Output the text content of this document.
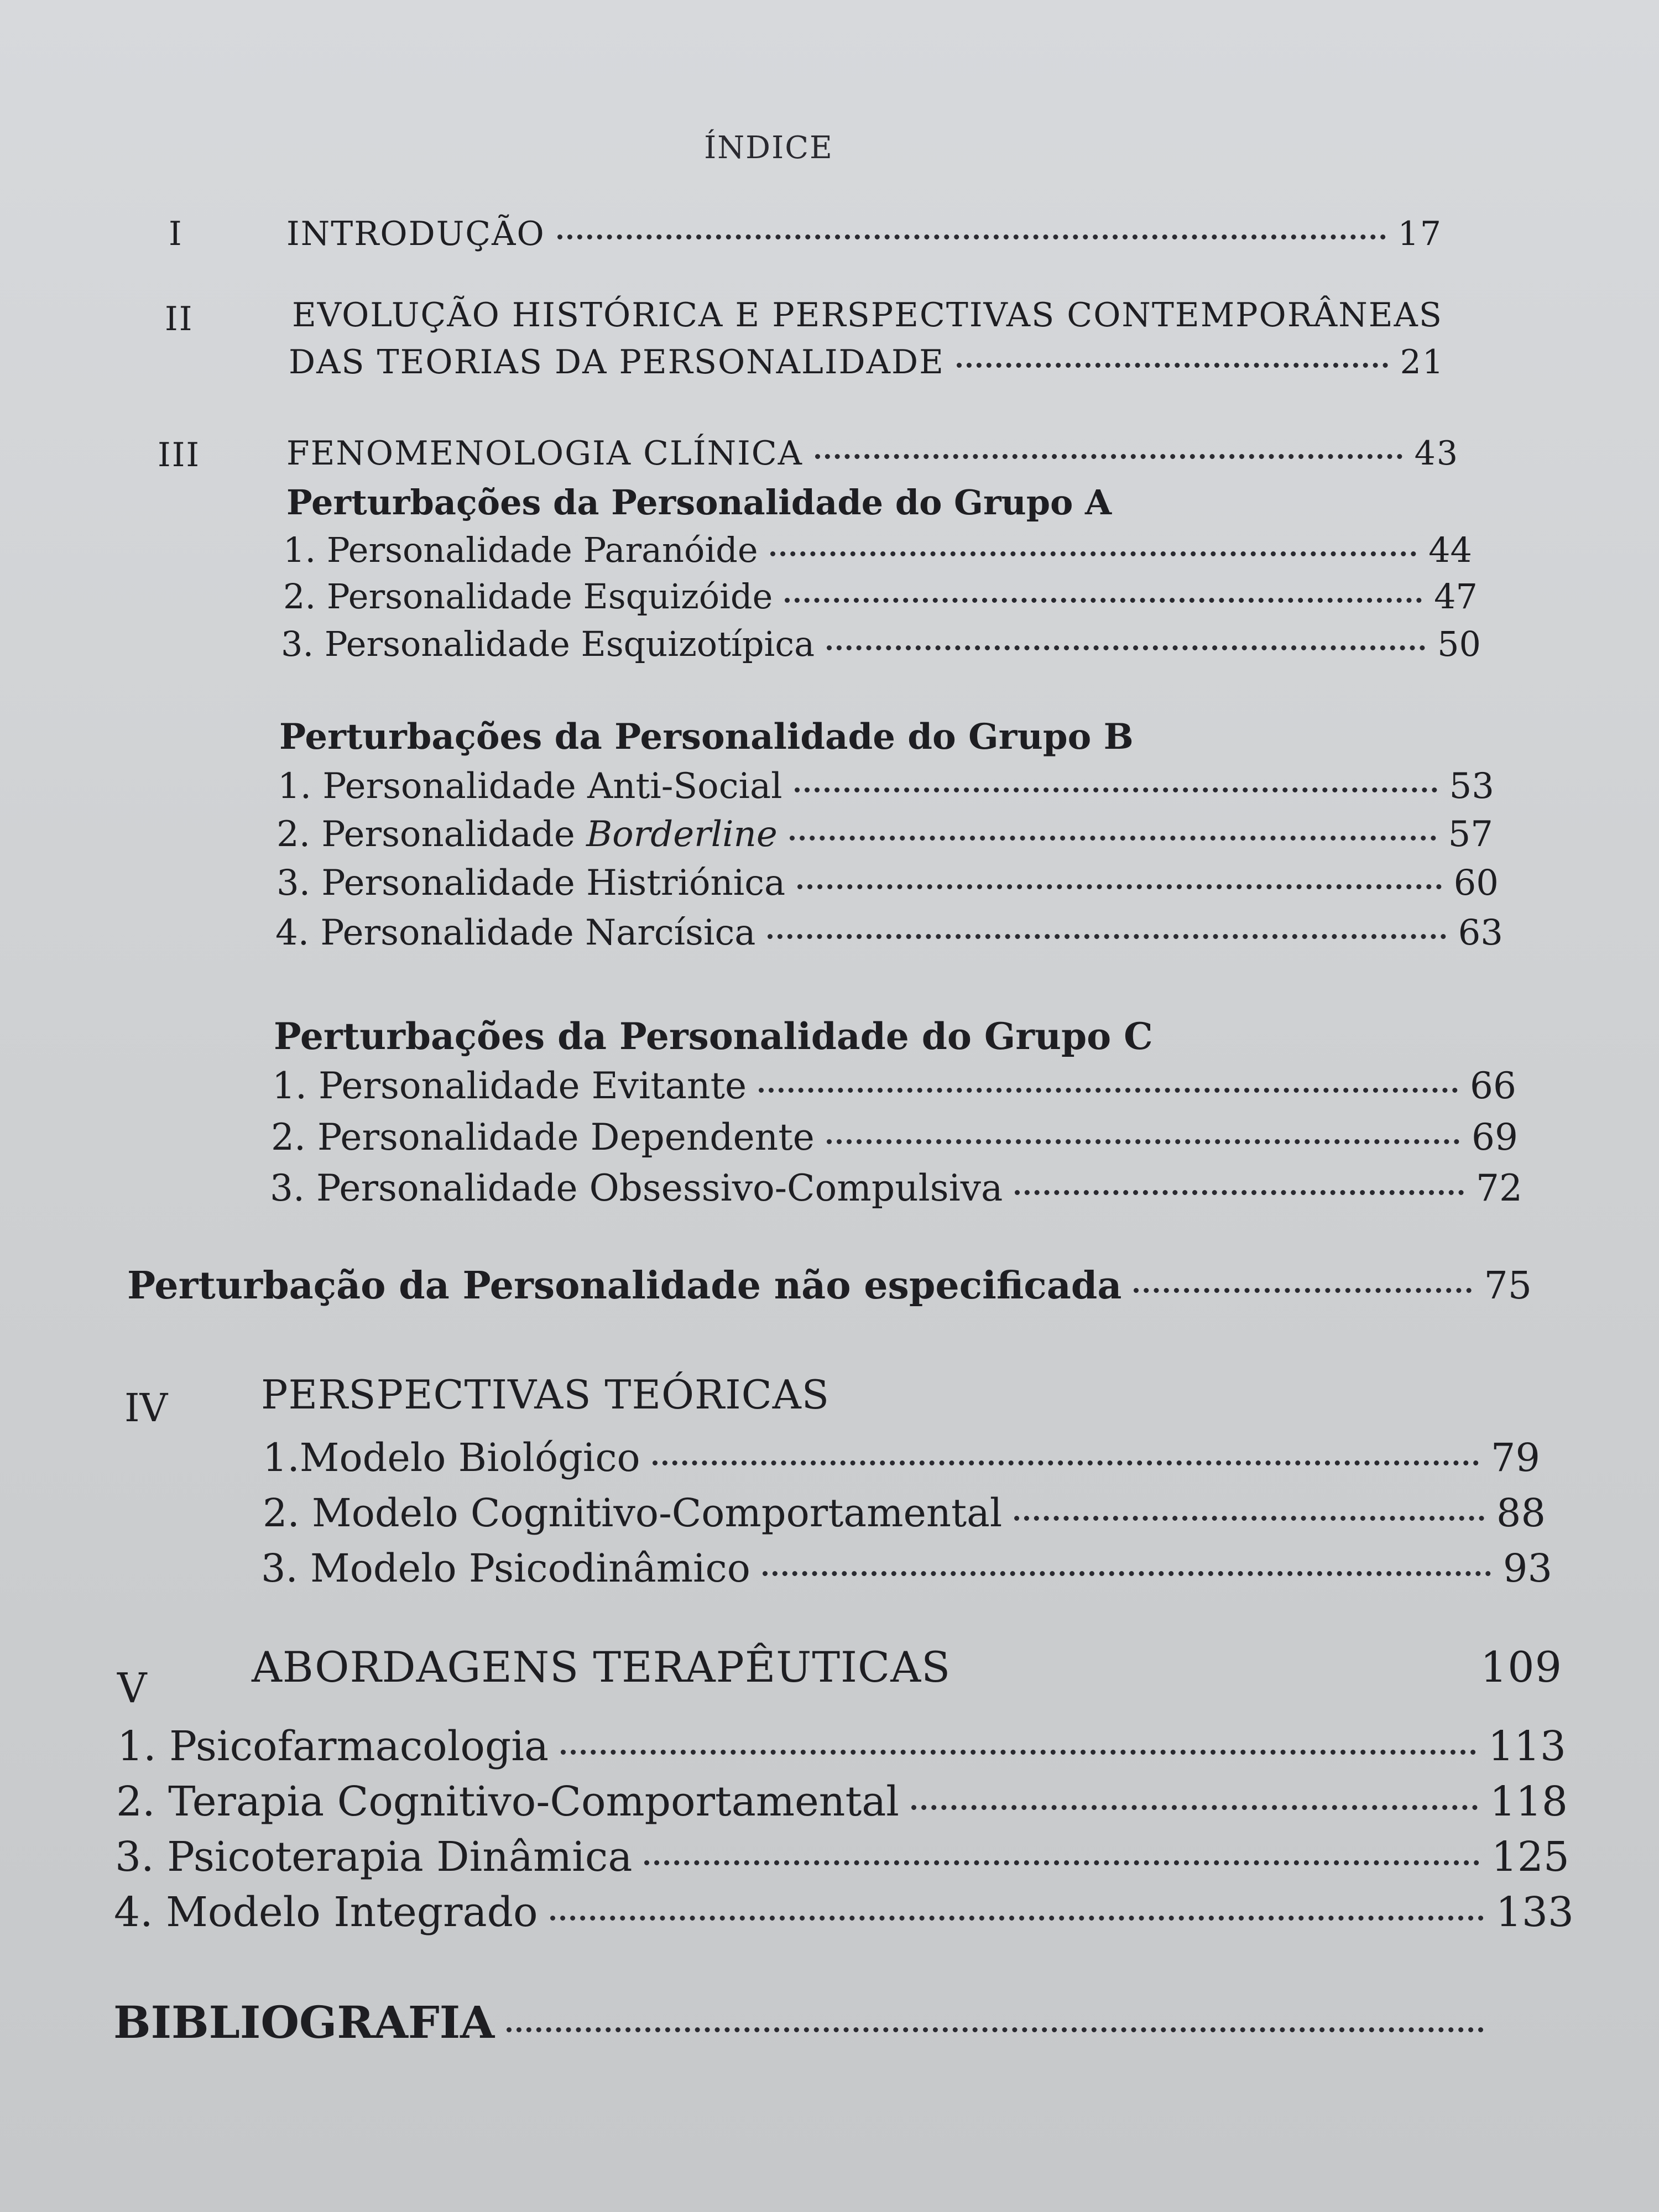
ÍNDICE
I	INTRODUÇÃO	17
II	EVOLUÇÃO HISTÓRICA E PERSPECTIVAS CONTEMPORÂNEAS
DAS TEORIAS DA PERSONALIDADE	21
III	FENOMENOLOGIA CLÍNICA	43
Perturbações da Personalidade do Grupo A
1. Personalidade Paranóide	44
2. Personalidade Esquizóide	47
3. Personalidade Esquizotípica	50
Perturbações da Personalidade do Grupo B
1. Personalidade Anti-Social	53
2. Personalidade Borderline	57
3. Personalidade Histriónica	60
4. Personalidade Narcísica	63
Perturbações da Personalidade do Grupo C
1. Personalidade Evitante	66
2. Personalidade Dependente	69
3. Personalidade Obsessivo-Compulsiva	72
Perturbação da Personalidade não especificada	75
IV PERSPECTIVAS TEÓRICAS
1.Modelo Biológico	79
2. Modelo Cognitivo-Comportamental	88
3. Modelo Psicodinâmico	93
V ABORDAGENS TERAPÊUTICAS	109
1. Psicofarmacologia	113
2. Terapia Cognitivo-Comportamental	118
3. Psicoterapia Dinâmica	125
4. Modelo Integrado	133
BIBLIOGRAFIA
